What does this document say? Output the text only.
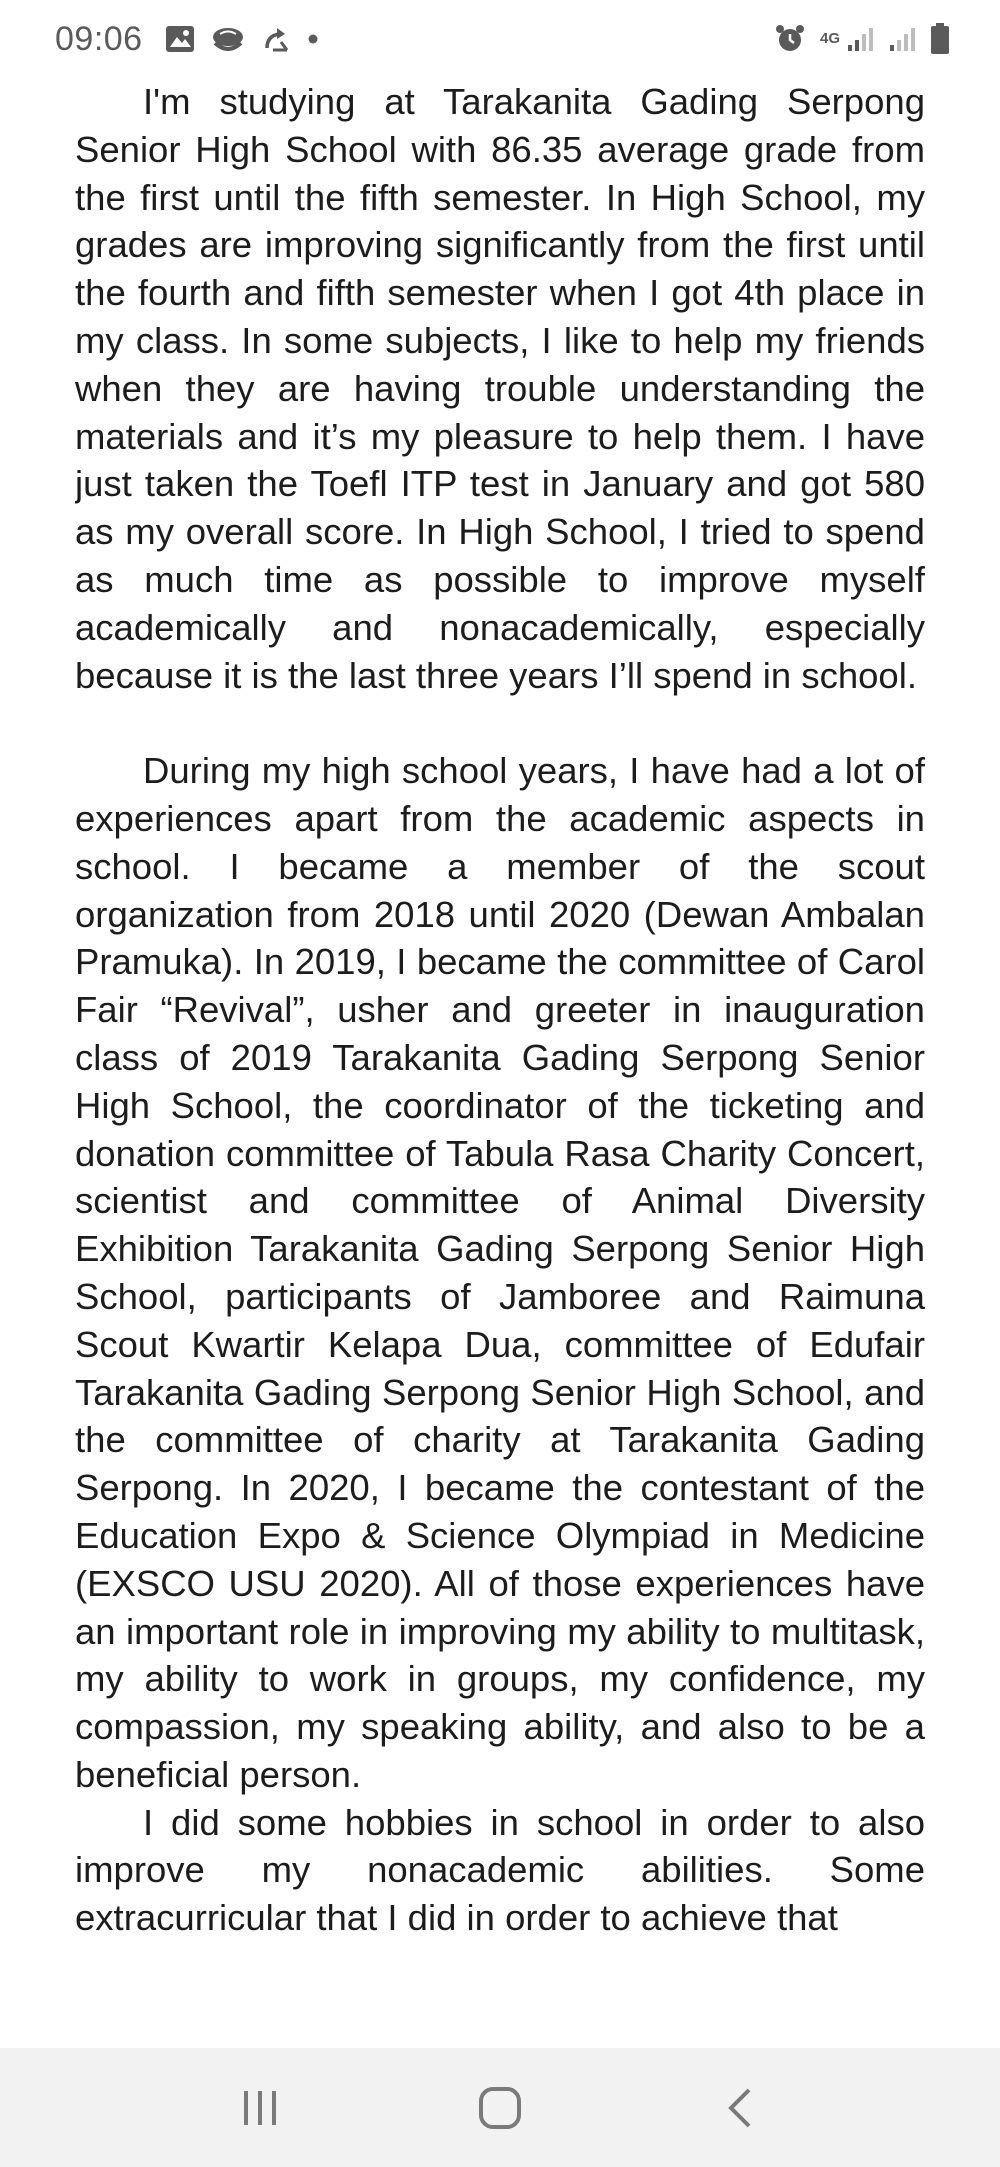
09:06	4G

I'm studying at Tarakanita Gading Serpong Senior High School with 86.35 average grade from the first until the fifth semester. In High School, my grades are improving significantly from the first until the fourth and fifth semester when I got 4th place in my class. In some subjects, I like to help my friends when they are having trouble understanding the materials and it’s my pleasure to help them. I have just taken the Toefl ITP test in January and got 580 as my overall score. In High School, I tried to spend as much time as possible to improve myself academically and nonacademically, especially because it is the last three years I’ll spend in school.

During my high school years, I have had a lot of experiences apart from the academic aspects in school. I became a member of the scout organization from 2018 until 2020 (Dewan Ambalan Pramuka). In 2019, I became the committee of Carol Fair “Revival”, usher and greeter in inauguration class of 2019 Tarakanita Gading Serpong Senior High School, the coordinator of the ticketing and donation committee of Tabula Rasa Charity Concert, scientist and committee of Animal Diversity Exhibition Tarakanita Gading Serpong Senior High School, participants of Jamboree and Raimuna Scout Kwartir Kelapa Dua, committee of Edufair Tarakanita Gading Serpong Senior High School, and the committee of charity at Tarakanita Gading Serpong. In 2020, I became the contestant of the Education Expo & Science Olympiad in Medicine (EXSCO USU 2020). All of those experiences have an important role in improving my ability to multitask, my ability to work in groups, my confidence, my compassion, my speaking ability, and also to be a beneficial person.

I did some hobbies in school in order to also improve my nonacademic abilities. Some extracurricular that I did in order to achieve that
